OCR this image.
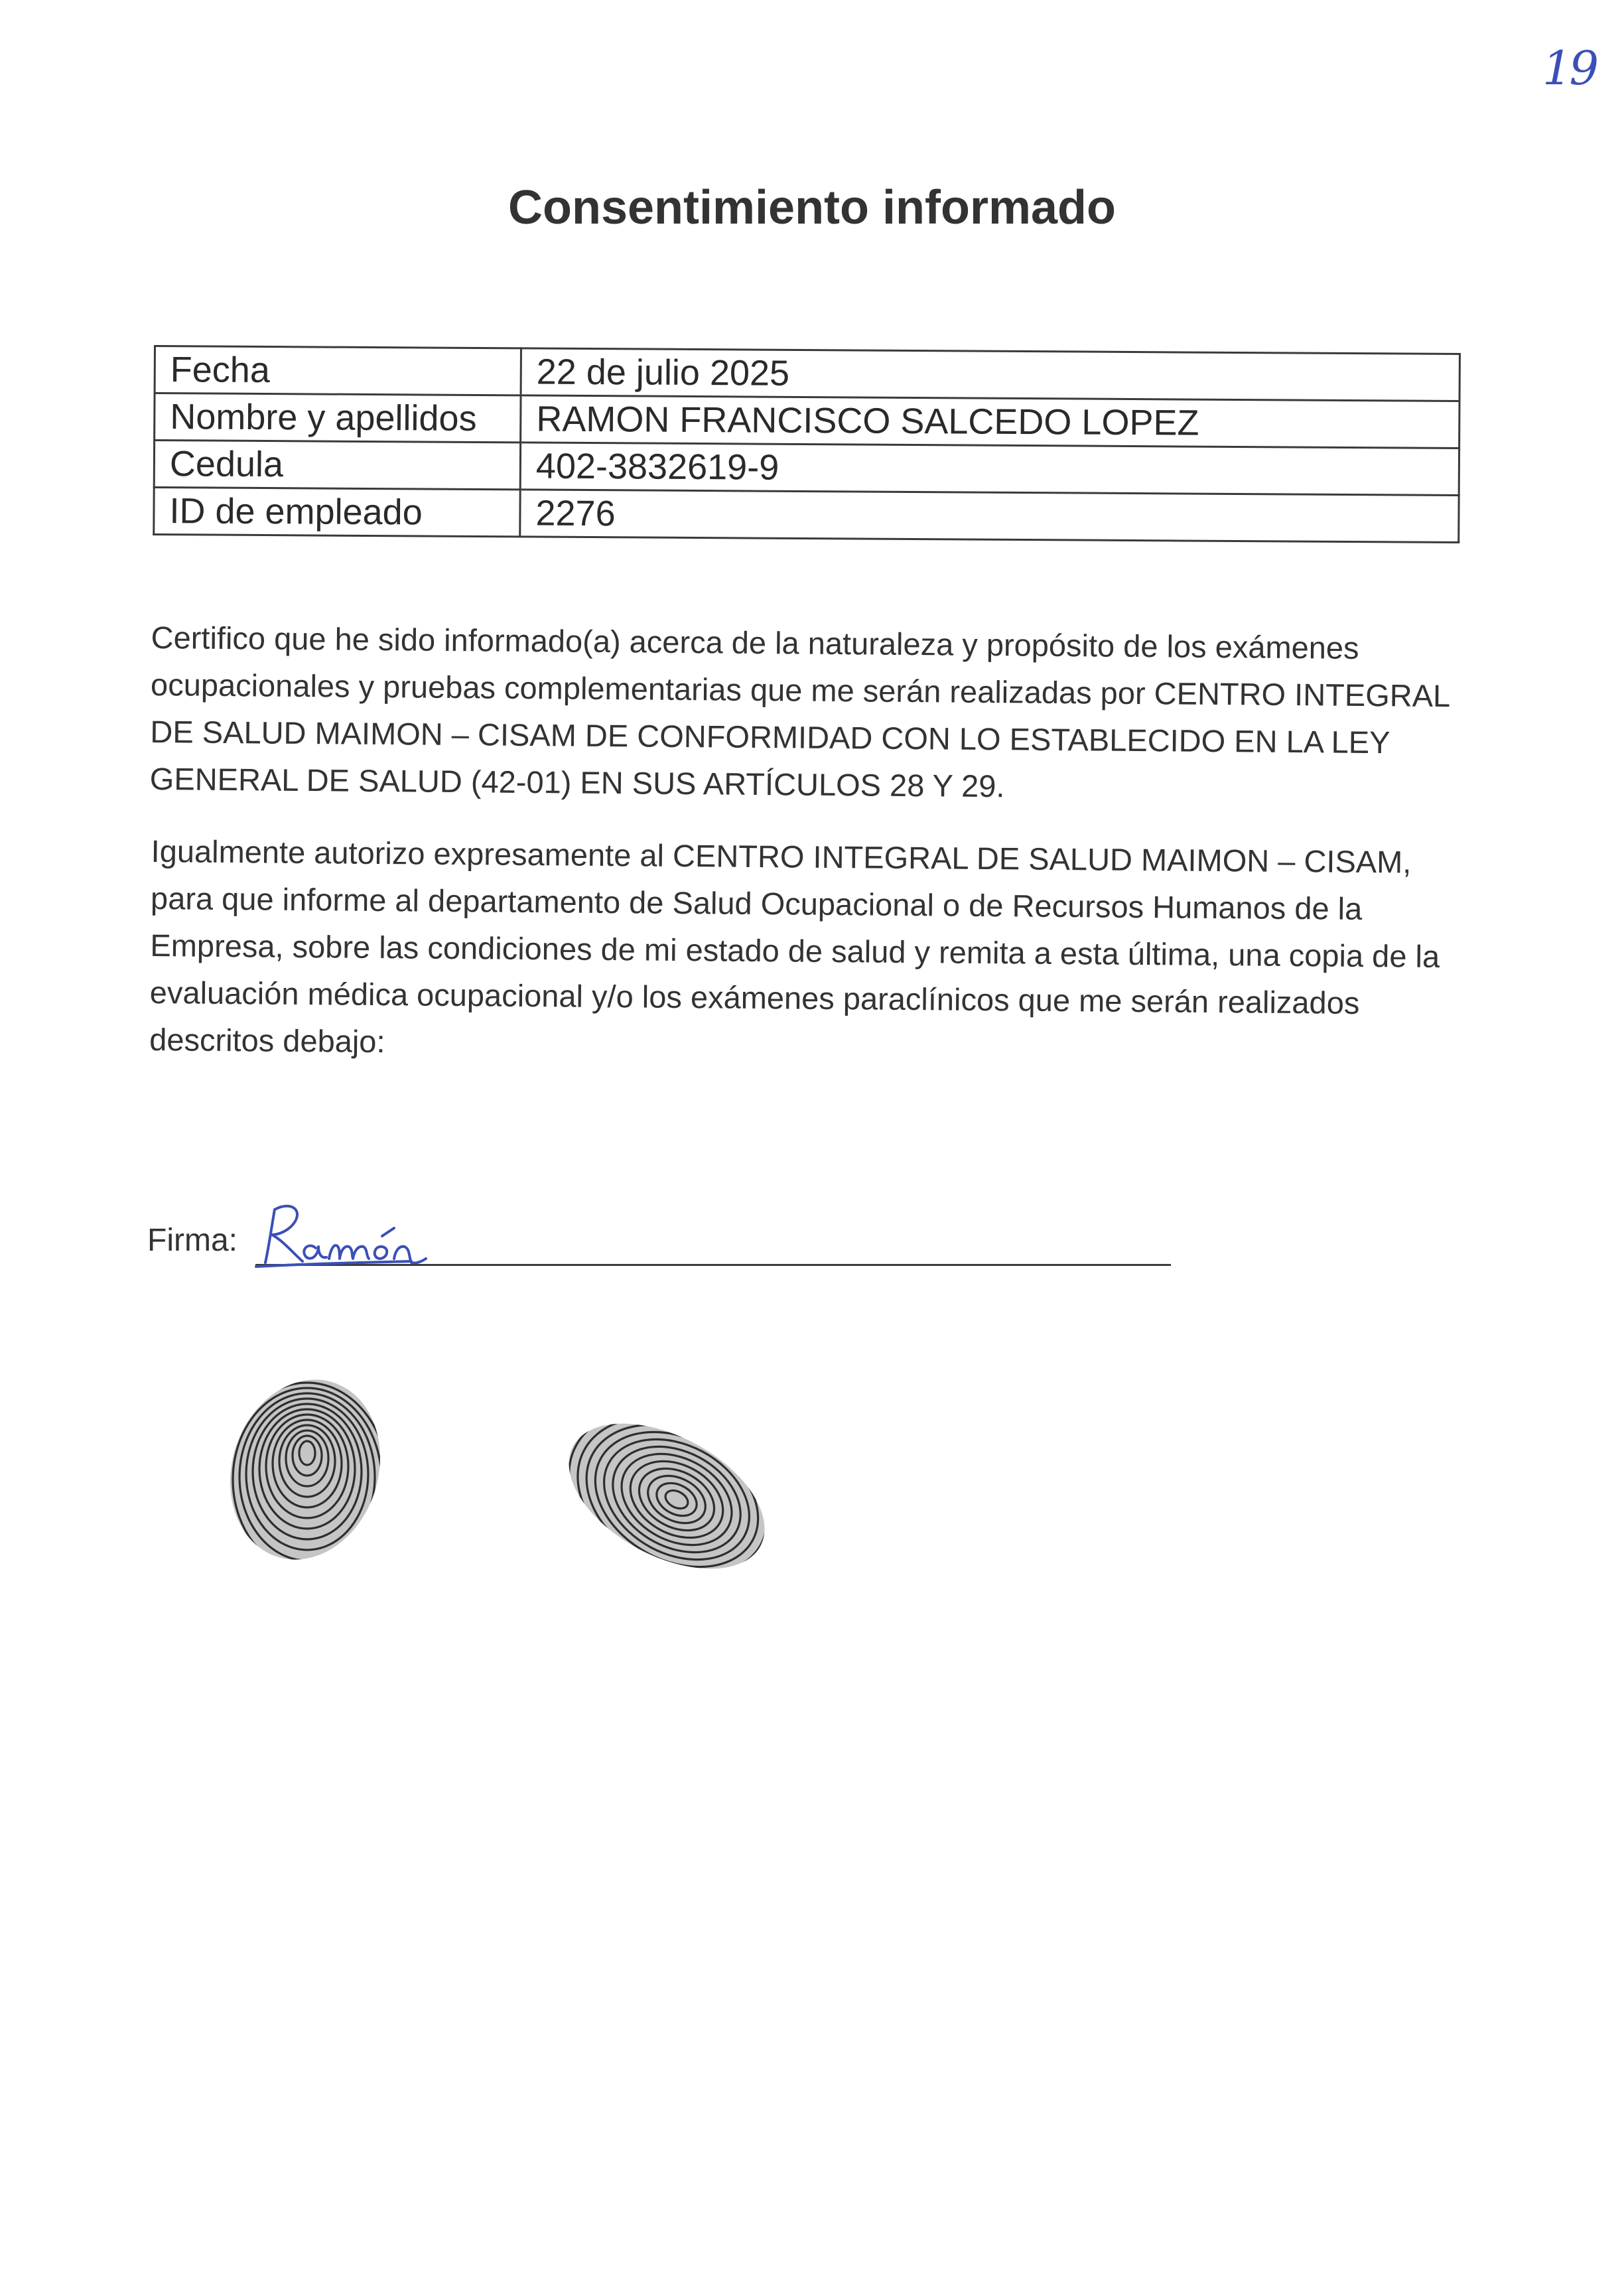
19
Consentimiento informado
Fecha	22 de julio 2025
Nombre y apellidos	RAMON FRANCISCO SALCEDO LOPEZ
Cedula	402-3832619-9
ID de empleado	2276

Certifico que he sido informado(a) acerca de la naturaleza y propósito de los exámenes ocupacionales y pruebas complementarias que me serán realizadas por CENTRO INTEGRAL DE SALUD MAIMON – CISAM DE CONFORMIDAD CON LO ESTABLECIDO EN LA LEY GENERAL DE SALUD (42-01) EN SUS ARTÍCULOS 28 Y 29.

Igualmente autorizo expresamente al CENTRO INTEGRAL DE SALUD MAIMON – CISAM, para que informe al departamento de Salud Ocupacional o de Recursos Humanos de la Empresa, sobre las condiciones de mi estado de salud y remita a esta última, una copia de la evaluación médica ocupacional y/o los exámenes paraclínicos que me serán realizados descritos debajo:

Firma:
